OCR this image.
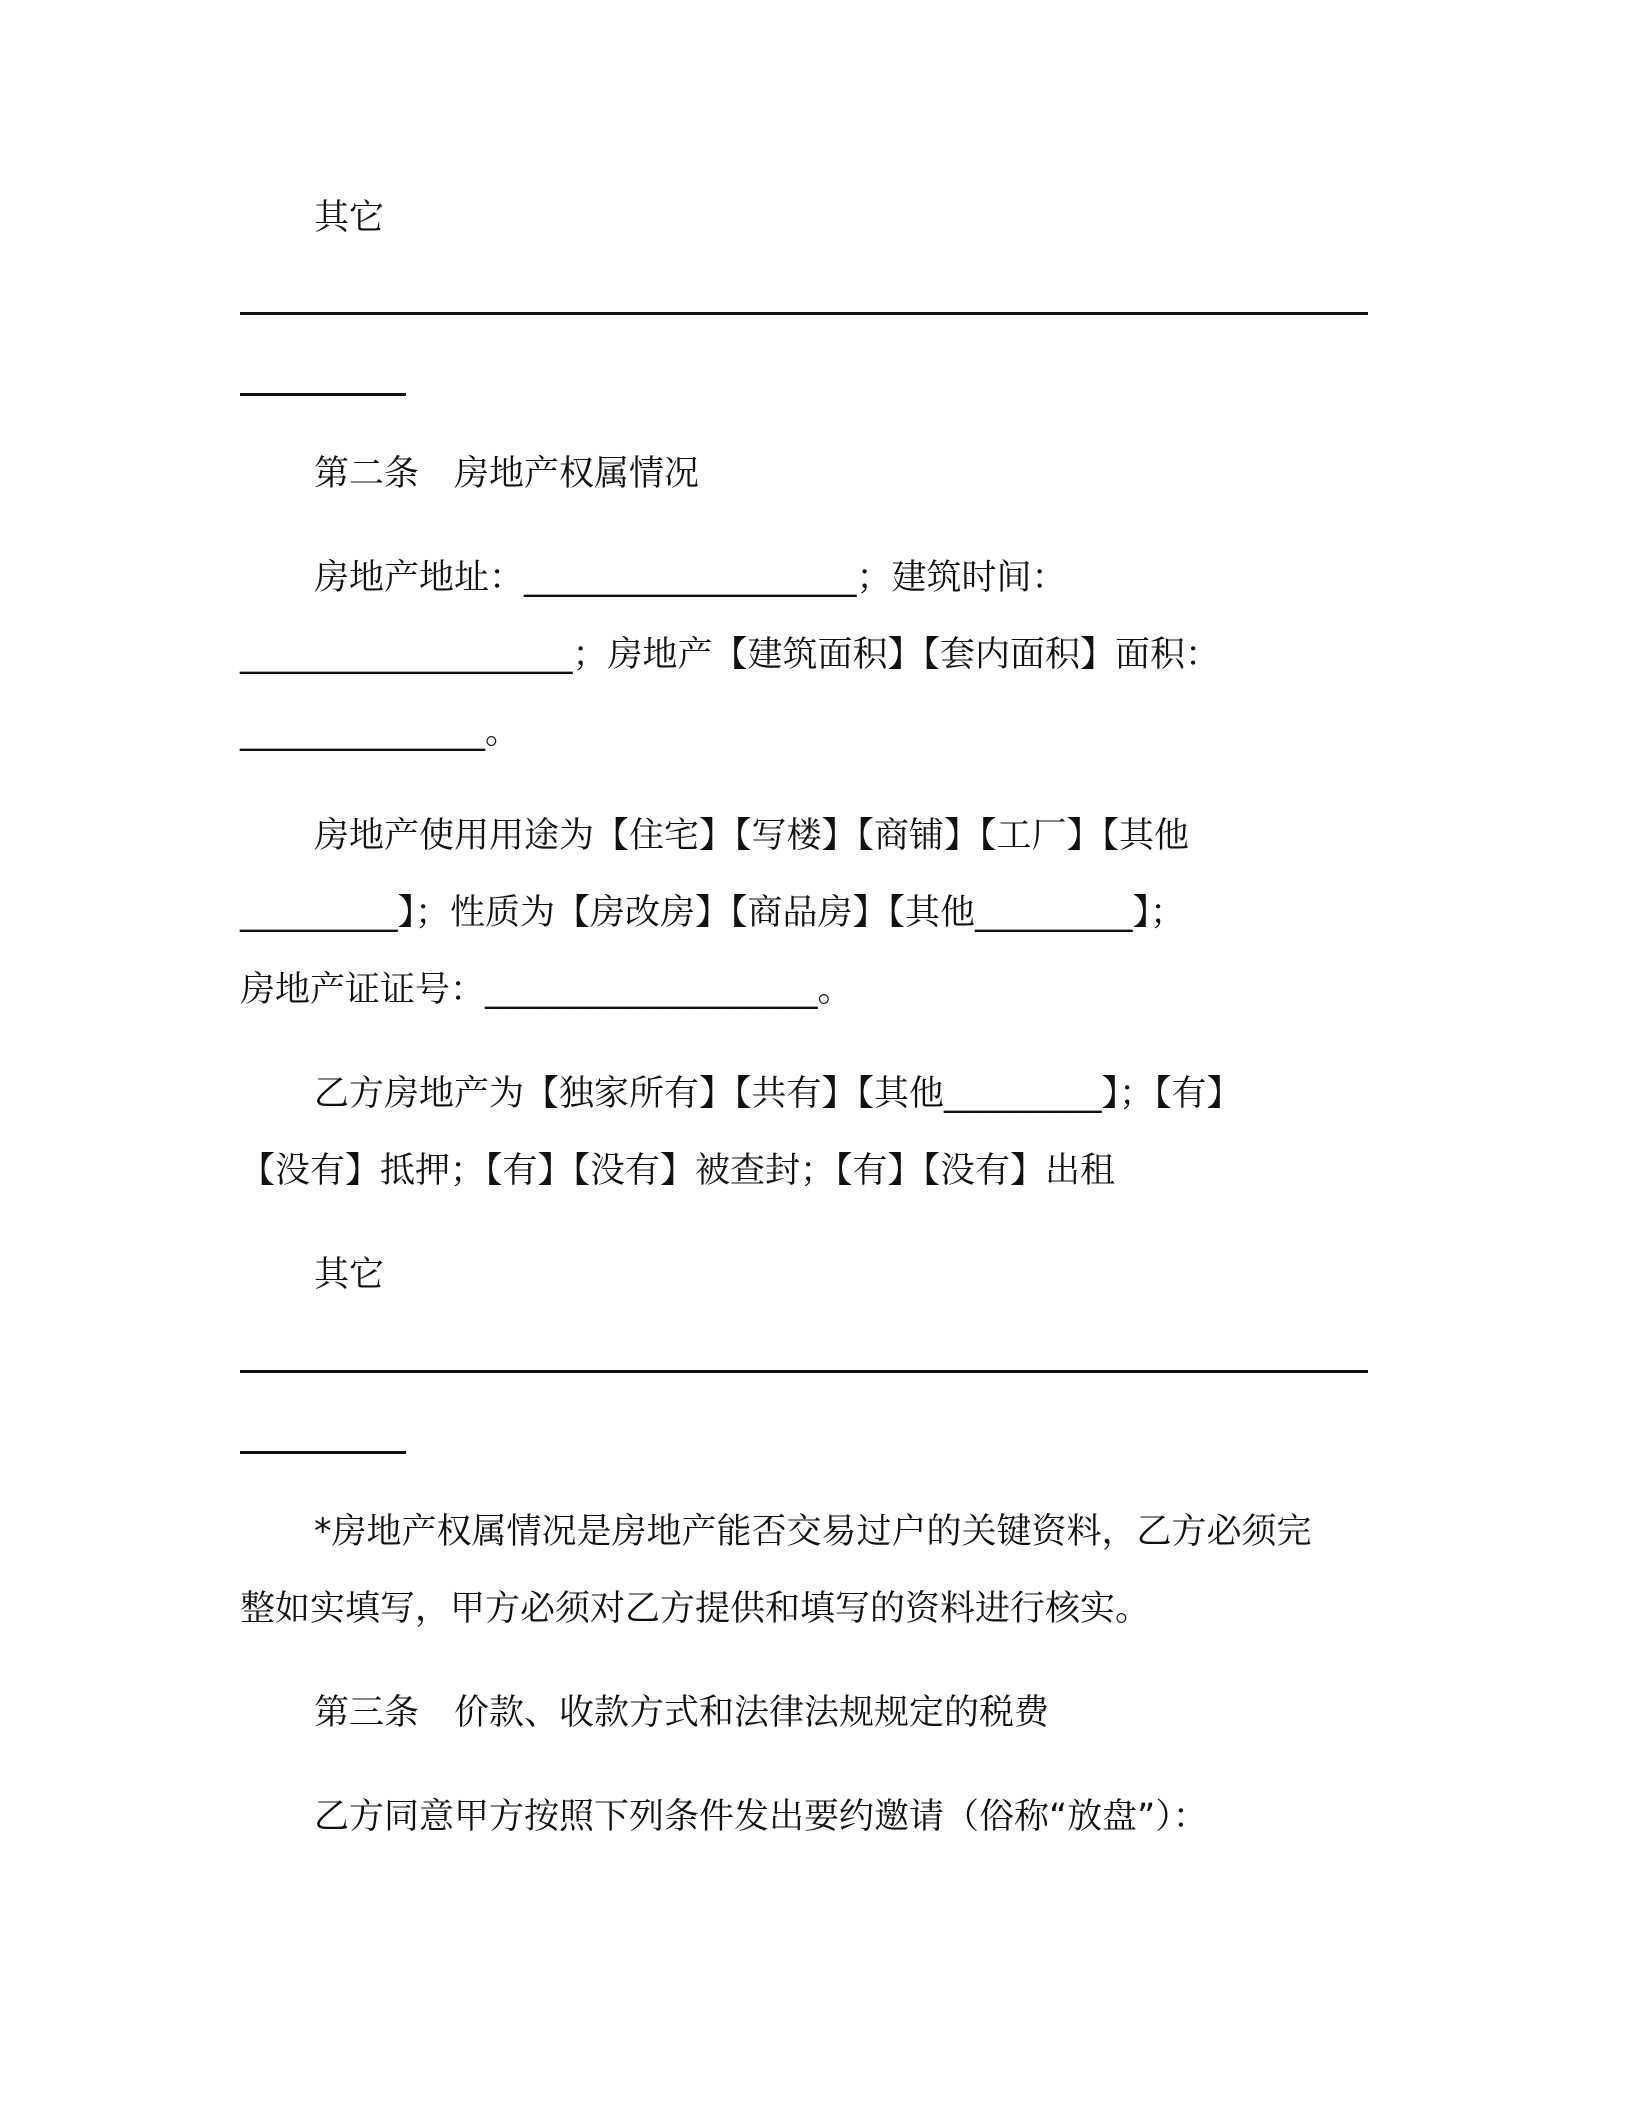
其它
第二条　房地产权属情况
房地产地址：___________________；建筑时间：
___________________；房地产【建筑面积】【套内面积】面积：
______________。
房地产使用用途为【住宅】【写楼】【商铺】【工厂】【其他
_________】；性质为【房改房】【商品房】【其他_________】；
房地产证证号：___________________。
乙方房地产为【独家所有】【共有】【其他_________】；【有】
【没有】抵押；【有】【没有】被查封；【有】【没有】出租
其它
*房地产权属情况是房地产能否交易过户的关键资料，乙方必须完
整如实填写，甲方必须对乙方提供和填写的资料进行核实。
第三条　价款、收款方式和法律法规规定的税费
乙方同意甲方按照下列条件发出要约邀请（俗称“放盘”）：
